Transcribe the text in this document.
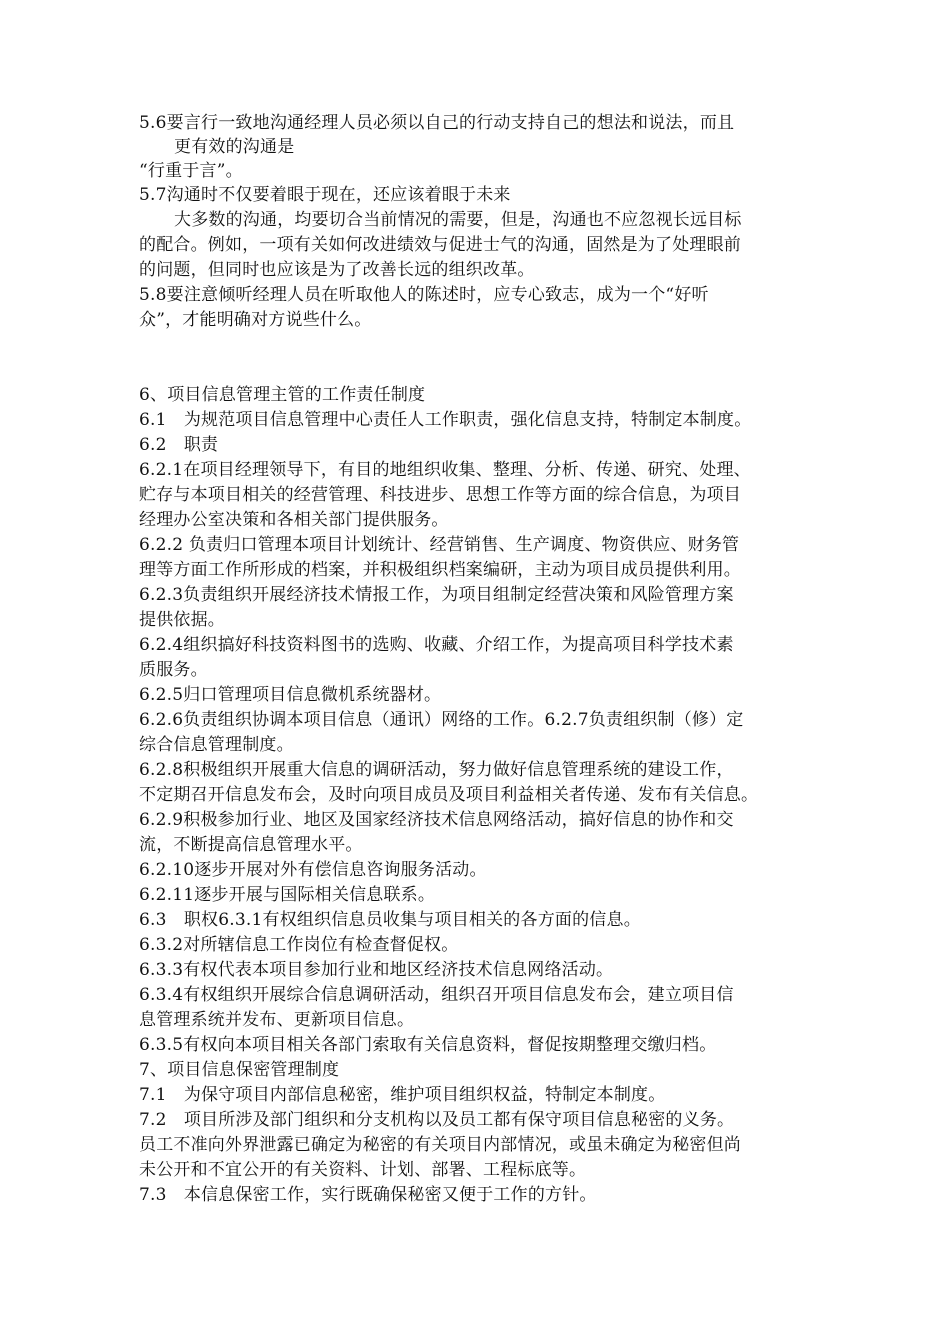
5.6要言行一致地沟通经理人员必须以自己的行动支持自己的想法和说法，而且

更有效的沟通是

“行重于言”。

5.7沟通时不仅要着眼于现在，还应该着眼于未来

大多数的沟通，均要切合当前情况的需要，但是，沟通也不应忽视长远目标

的配合。例如，一项有关如何改进绩效与促进士气的沟通，固然是为了处理眼前

的问题，但同时也应该是为了改善长远的组织改革。

5.8要注意倾听经理人员在听取他人的陈述时，应专心致志，成为一个“好听

众”，才能明确对方说些什么。

6、项目信息管理主管的工作责任制度

6.1　为规范项目信息管理中心责任人工作职责，强化信息支持，特制定本制度。

6.2　职责

6.2.1在项目经理领导下，有目的地组织收集、整理、分析、传递、研究、处理、

贮存与本项目相关的经营管理、科技进步、思想工作等方面的综合信息，为项目

经理办公室决策和各相关部门提供服务。

6.2.2 负责归口管理本项目计划统计、经营销售、生产调度、物资供应、财务管

理等方面工作所形成的档案，并积极组织档案编研，主动为项目成员提供利用。

6.2.3负责组织开展经济技术情报工作，为项目组制定经营决策和风险管理方案

提供依据。

6.2.4组织搞好科技资料图书的选购、收藏、介绍工作，为提高项目科学技术素

质服务。

6.2.5归口管理项目信息微机系统器材。

6.2.6负责组织协调本项目信息（通讯）网络的工作。6.2.7负责组织制（修）定

综合信息管理制度。

6.2.8积极组织开展重大信息的调研活动，努力做好信息管理系统的建设工作，

不定期召开信息发布会，及时向项目成员及项目利益相关者传递、发布有关信息。

6.2.9积极参加行业、地区及国家经济技术信息网络活动，搞好信息的协作和交

流，不断提高信息管理水平。

6.2.10逐步开展对外有偿信息咨询服务活动。

6.2.11逐步开展与国际相关信息联系。

6.3　职权6.3.1有权组织信息员收集与项目相关的各方面的信息。

6.3.2对所辖信息工作岗位有检查督促权。

6.3.3有权代表本项目参加行业和地区经济技术信息网络活动。

6.3.4有权组织开展综合信息调研活动，组织召开项目信息发布会，建立项目信

息管理系统并发布、更新项目信息。

6.3.5有权向本项目相关各部门索取有关信息资料，督促按期整理交缴归档。

7、项目信息保密管理制度

7.1　为保守项目内部信息秘密，维护项目组织权益，特制定本制度。

7.2　项目所涉及部门组织和分支机构以及员工都有保守项目信息秘密的义务。

员工不准向外界泄露已确定为秘密的有关项目内部情况，或虽未确定为秘密但尚

未公开和不宜公开的有关资料、计划、部署、工程标底等。

7.3　本信息保密工作，实行既确保秘密又便于工作的方针。
